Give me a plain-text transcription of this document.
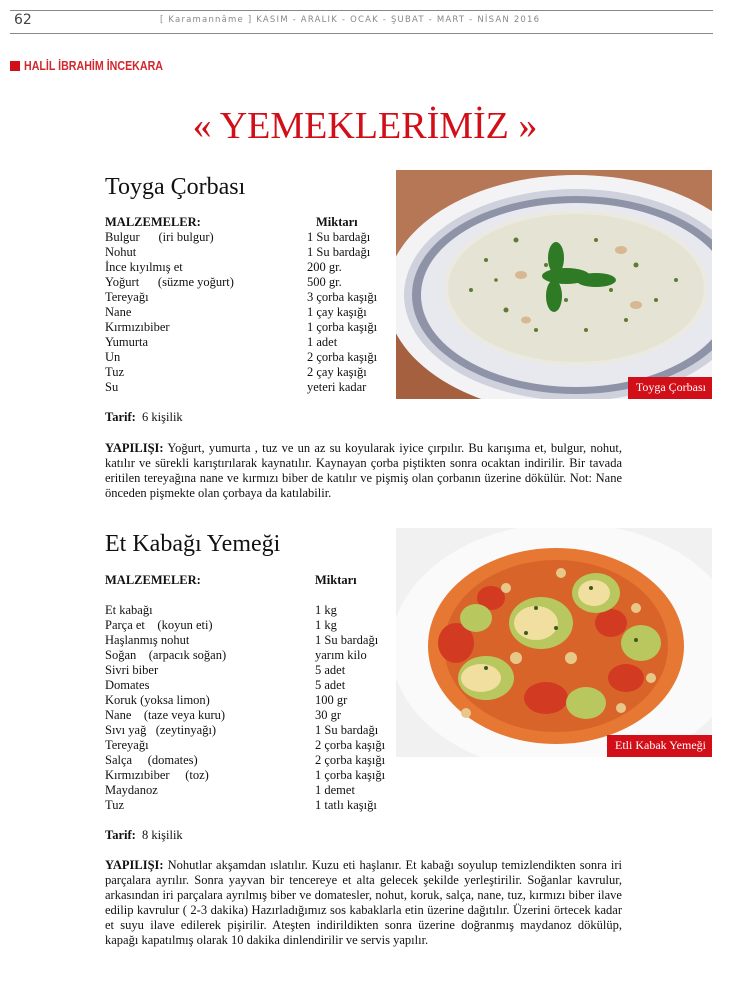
62	[ Karamannâme ] KASIM - ARALIK - OCAK - ŞUBAT - MART - NİSAN 2016
HALİL İBRAHİM İNCEKARA
« YEMEKLERİMİZ »
Toyga Çorbası
MALZEMELER:	Miktarı
Bulgur      (iri bulgur)	1 Su bardağı
Nohut	1 Su bardağı
İnce kıyılmış et	200 gr.
Yoğurt      (süzme yoğurt)	500 gr.
Tereyağı	3 çorba kaşığı
Nane	1 çay kaşığı
Kırmızıbiber	1 çorba kaşığı
Yumurta	1 adet
Un	2 çorba kaşığı
Tuz	2 çay kaşığı
Su	yeteri kadar
Tarif: 6 kişilik
YAPILIŞI: Yoğurt, yumurta , tuz ve un az su koyularak iyice çırpılır. Bu karışıma et, bulgur, nohut, katılır ve sürekli karıştırılarak kaynatılır. Kaynayan çorba piştikten sonra ocaktan indirilir. Bir tavada eritilen tereyağına nane ve kırmızı biber de katılır ve pişmiş olan çorbanın üzerine dökülür. Not: Nane önceden pişmekte olan çorbaya da katılabilir.
Toyga Çorbası
Et Kabağı Yemeği
MALZEMELER:	Miktarı
Et kabağı	1 kg
Parça et    (koyun eti)	1 kg
Haşlanmış nohut	1 Su bardağı
Soğan    (arpacık soğan)	yarım kilo
Sivri biber	5 adet
Domates	5 adet
Koruk (yoksa limon)	100 gr
Nane    (taze veya kuru)	30 gr
Sıvı yağ   (zeytinyağı)	1 Su bardağı
Tereyağı	2 çorba kaşığı
Salça     (domates)	2 çorba kaşığı
Kırmızıbiber     (toz)	1 çorba kaşığı
Maydanoz	1 demet
Tuz	1 tatlı kaşığı
Tarif: 8 kişilik
YAPILIŞI: Nohutlar akşamdan ıslatılır. Kuzu eti haşlanır. Et kabağı soyulup temizlendikten sonra iri parçalara ayrılır. Sonra yayvan bir tencereye et alta gelecek şekilde yerleştirilir. Soğanlar kavrulur, arkasından iri parçalara ayrılmış biber ve domatesler, nohut, koruk, salça, nane, tuz, kırmızı biber ilave edilip kavrulur ( 2-3 dakika) Hazırladığımız sos kabaklarla etin üzerine dağıtılır. Üzerini örtecek kadar et suyu ilave edilerek pişirilir. Ateşten indirildikten sonra üzerine doğranmış maydanoz dökülüp, kapağı kapatılmış olarak 10 dakika dinlendirilir ve servis yapılır.
Etli Kabak Yemeği
